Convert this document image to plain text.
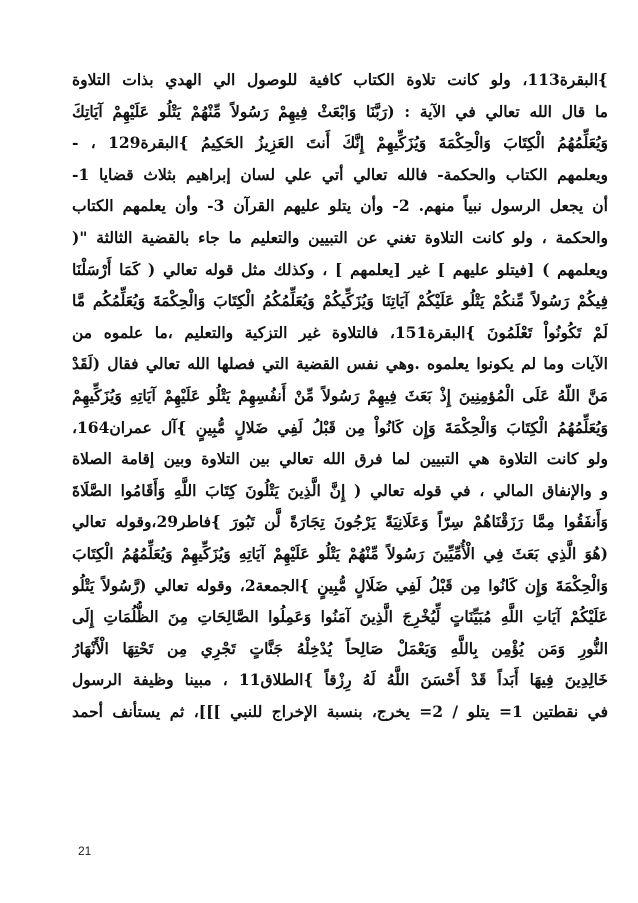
}البقرة113، ولو كانت تلاوة الكتاب كافية للوصول الي الهدي بذات التلاوة
ما قال الله تعالي في الآية : (رَبَّنَا وَابْعَثْ فِيهِمْ رَسُولاً مِّنْهُمْ يَتْلُو عَلَيْهِمْ آيَاتِكَ
وَيُعَلِّمُهُمُ الْكِتَابَ وَالْحِكْمَةَ وَيُزَكِّيهِمْ إِنَّكَ أَنتَ العَزِيزُ الحَكِيمُ }البقرة129 ، -
ويعلمهم الكتاب والحكمة- فالله تعالي أتي علي لسان إبراهيم بثلاث قضايا 1-
أن يجعل الرسول نبياً منهم. 2- وأن يتلو عليهم القرآن 3- وأن يعلمهم الكتاب
والحكمة ، ولو كانت التلاوة تغني عن التبيين والتعليم ما جاء بالقضية الثالثة "(
ويعلمهم ) [فيتلو عليهم ] غير [يعلمهم ] ، وكذلك مثل قوله تعالي ( كَمَا أَرْسَلْنَا
فِيكُمْ رَسُولاً مِّنكُمْ يَتْلُو عَلَيْكُمْ آيَاتِنَا وَيُزَكِّيكُمْ وَيُعَلِّمُكُمُ الْكِتَابَ وَالْحِكْمَةَ وَيُعَلِّمُكُم مَّا
لَمْ تَكُونُواْ تَعْلَمُونَ }البقرة151، فالتلاوة غير التزكية والتعليم ،ما علموه من
الآيات وما لم يكونوا يعلموه .وهي نفس القضية التي فصلها الله تعالي فقال (لَقَدْ
مَنَّ اللّهُ عَلَى الْمُؤمِنِينَ إِذْ بَعَثَ فِيهِمْ رَسُولاً مِّنْ أَنفُسِهِمْ يَتْلُو عَلَيْهِمْ آيَاتِهِ وَيُزَكِّيهِمْ
وَيُعَلِّمُهُمُ الْكِتَابَ وَالْحِكْمَةَ وَإِن كَانُواْ مِن قَبْلُ لَفِي ضَلالٍ مُّبِينٍ }آل عمران164،
ولو كانت التلاوة هي التبيين لما فرق الله تعالي بين التلاوة وبين إقامة الصلاة
و والإنفاق المالي ، في قوله تعالي ( إِنَّ الَّذِينَ يَتْلُونَ كِتَابَ اللَّهِ وَأَقَامُوا الصَّلَاةَ
وَأَنفَقُوا مِمَّا رَزَقْنَاهُمْ سِرّاً وَعَلَانِيَةً يَرْجُونَ تِجَارَةً لَّن تَبُورَ }فاطر29،وقوله تعالي
(هُوَ الَّذِي بَعَثَ فِي الْأُمِّيِّينَ رَسُولاً مِّنْهُمْ يَتْلُو عَلَيْهِمْ آيَاتِهِ وَيُزَكِّيهِمْ وَيُعَلِّمُهُمُ الْكِتَابَ
وَالْحِكْمَةَ وَإِن كَانُوا مِن قَبْلُ لَفِي ضَلَالٍ مُّبِينٍ }الجمعة2، وقوله تعالي (رَّسُولاً يَتْلُو
عَلَيْكُمْ آيَاتِ اللَّهِ مُبَيِّنَاتٍ لِّيُخْرِجَ الَّذِينَ آمَنُوا وَعَمِلُوا الصَّالِحَاتِ مِنَ الظُّلُمَاتِ إِلَى
النُّورِ وَمَن يُؤْمِن بِاللَّهِ وَيَعْمَلْ صَالِحاً يُدْخِلْهُ جَنَّاتٍ تَجْرِي مِن تَحْتِهَا الْأَنْهَارُ
خَالِدِينَ فِيهَا أَبَداً قَدْ أَحْسَنَ اللَّهُ لَهُ رِزْقاً }الطلاق11 ، مبينا وظيفة الرسول
في نقطتين 1= يتلو / 2= يخرج، بنسبة الإخراج للنبي ]]]، ثم يستأنف أحمد
21
